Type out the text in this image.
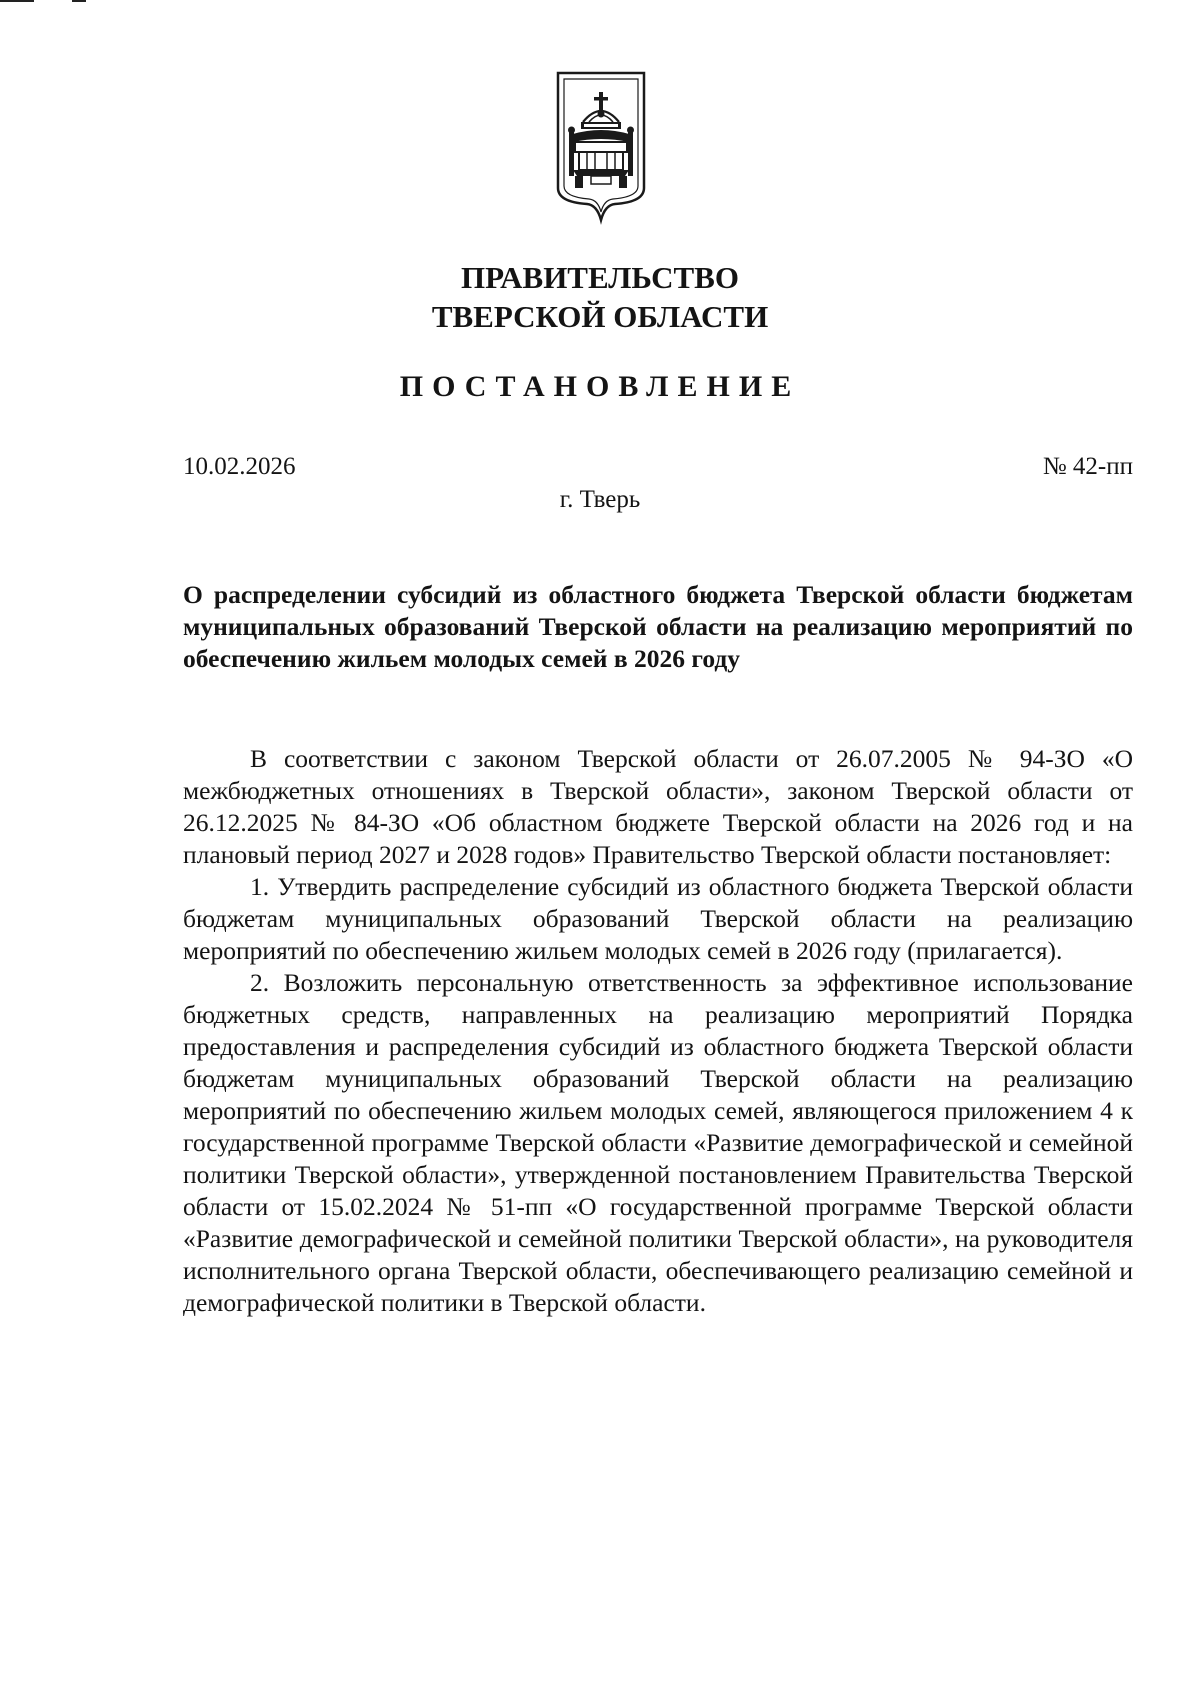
ПРАВИТЕЛЬСТВО
ТВЕРСКОЙ ОБЛАСТИ
ПОСТАНОВЛЕНИЕ
10.02.2026	№ 42-пп
г. Тверь
О распределении субсидий из областного бюджета Тверской области бюджетам муниципальных образований Тверской области на реализацию мероприятий по обеспечению жильем молодых семей в 2026 году

В соответствии с законом Тверской области от 26.07.2005 № 94-ЗО «О межбюджетных отношениях в Тверской области», законом Тверской области от 26.12.2025 № 84-ЗО «Об областном бюджете Тверской области на 2026 год и на плановый период 2027 и 2028 годов» Правительство Тверской области постановляет:

1. Утвердить распределение субсидий из областного бюджета Тверской области бюджетам муниципальных образований Тверской области на реализацию мероприятий по обеспечению жильем молодых семей в 2026 году (прилагается).

2. Возложить персональную ответственность за эффективное использование бюджетных средств, направленных на реализацию мероприятий Порядка предоставления и распределения субсидий из областного бюджета Тверской области бюджетам муниципальных образований Тверской области на реализацию мероприятий по обеспечению жильем молодых семей, являющегося приложением 4 к государственной программе Тверской области «Развитие демографической и семейной политики Тверской области», утвержденной постановлением Правительства Тверской области от 15.02.2024 № 51-пп «О государственной программе Тверской области «Развитие демографической и семейной политики Тверской области», на руководителя исполнительного органа Тверской области, обеспечивающего реализацию семейной и демографической политики в Тверской области.
